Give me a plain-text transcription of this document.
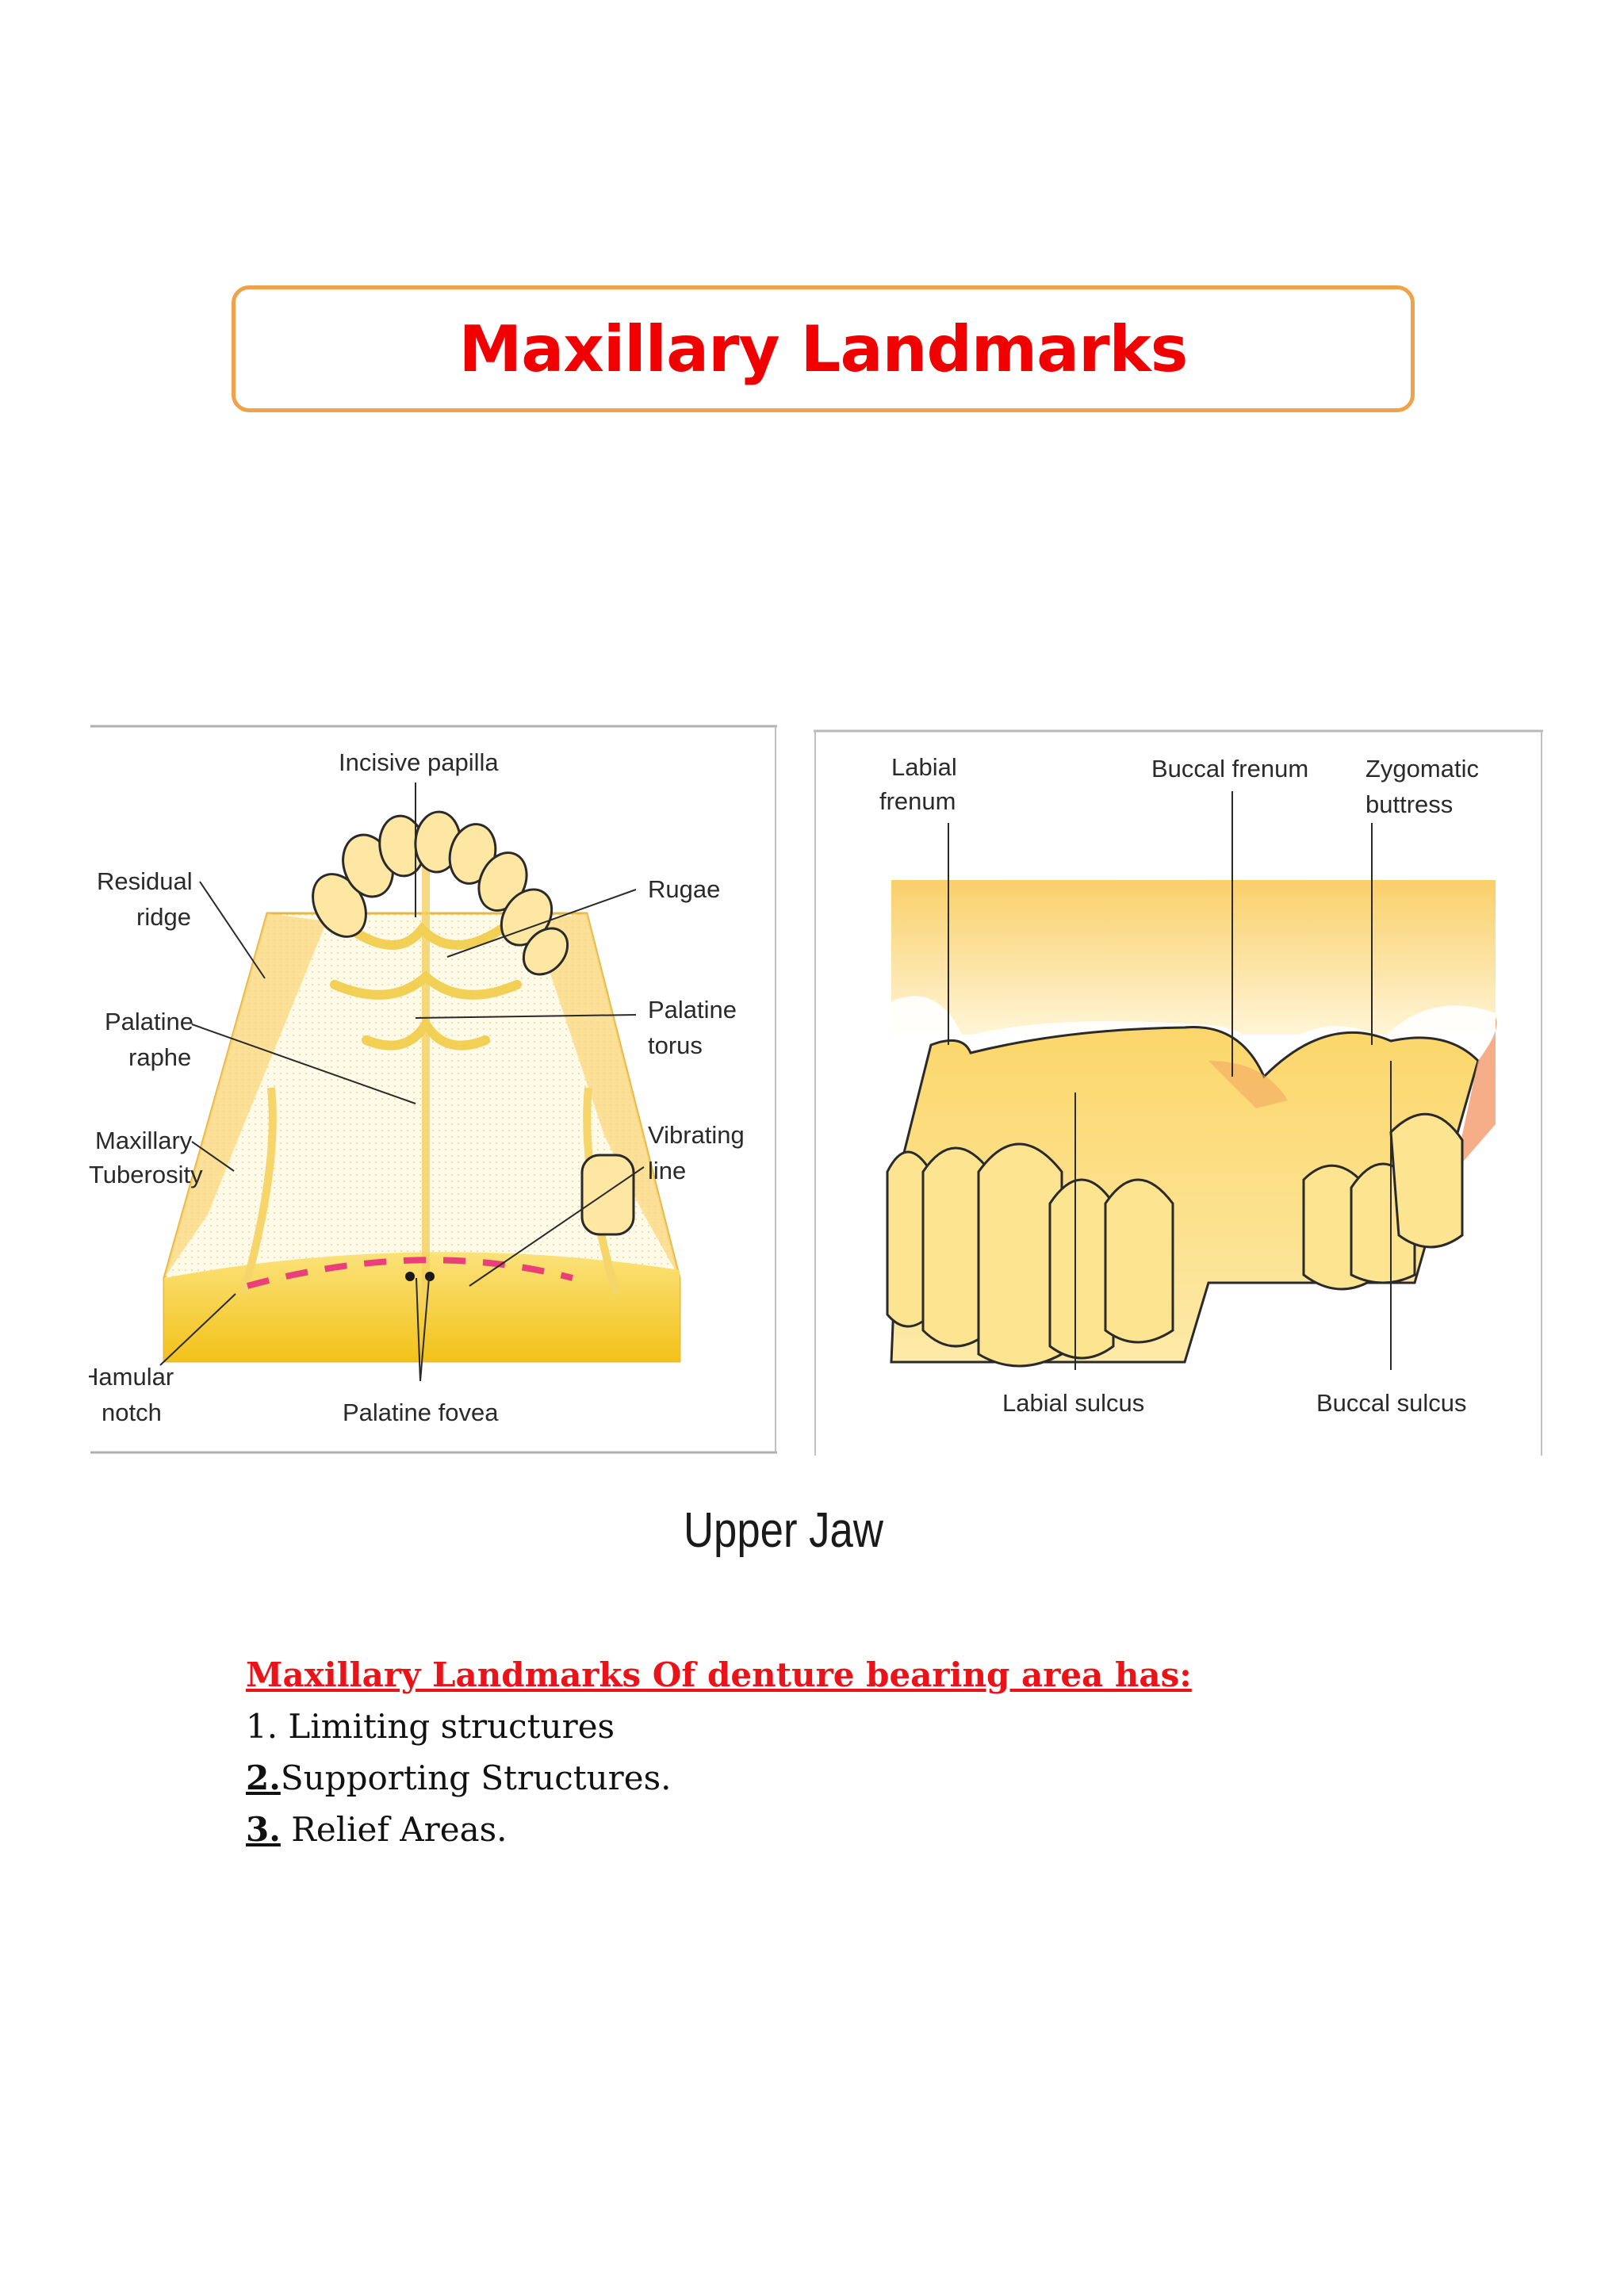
Maxillary Landmarks
Incisive papilla
Residual
ridge
Rugae
Palatine
raphe
Palatine
torus
Maxillary
Tuberosity
Vibrating
line
Hamular
notch	Palatine fovea
Labial
frenum
Buccal frenum Zygomatic
buttress
Labial sulcus	Buccal sulcus
Upper Jaw
Maxillary Landmarks Of denture bearing area has:
1. Limiting structures
2.Supporting Structures.
3. Relief Areas.
